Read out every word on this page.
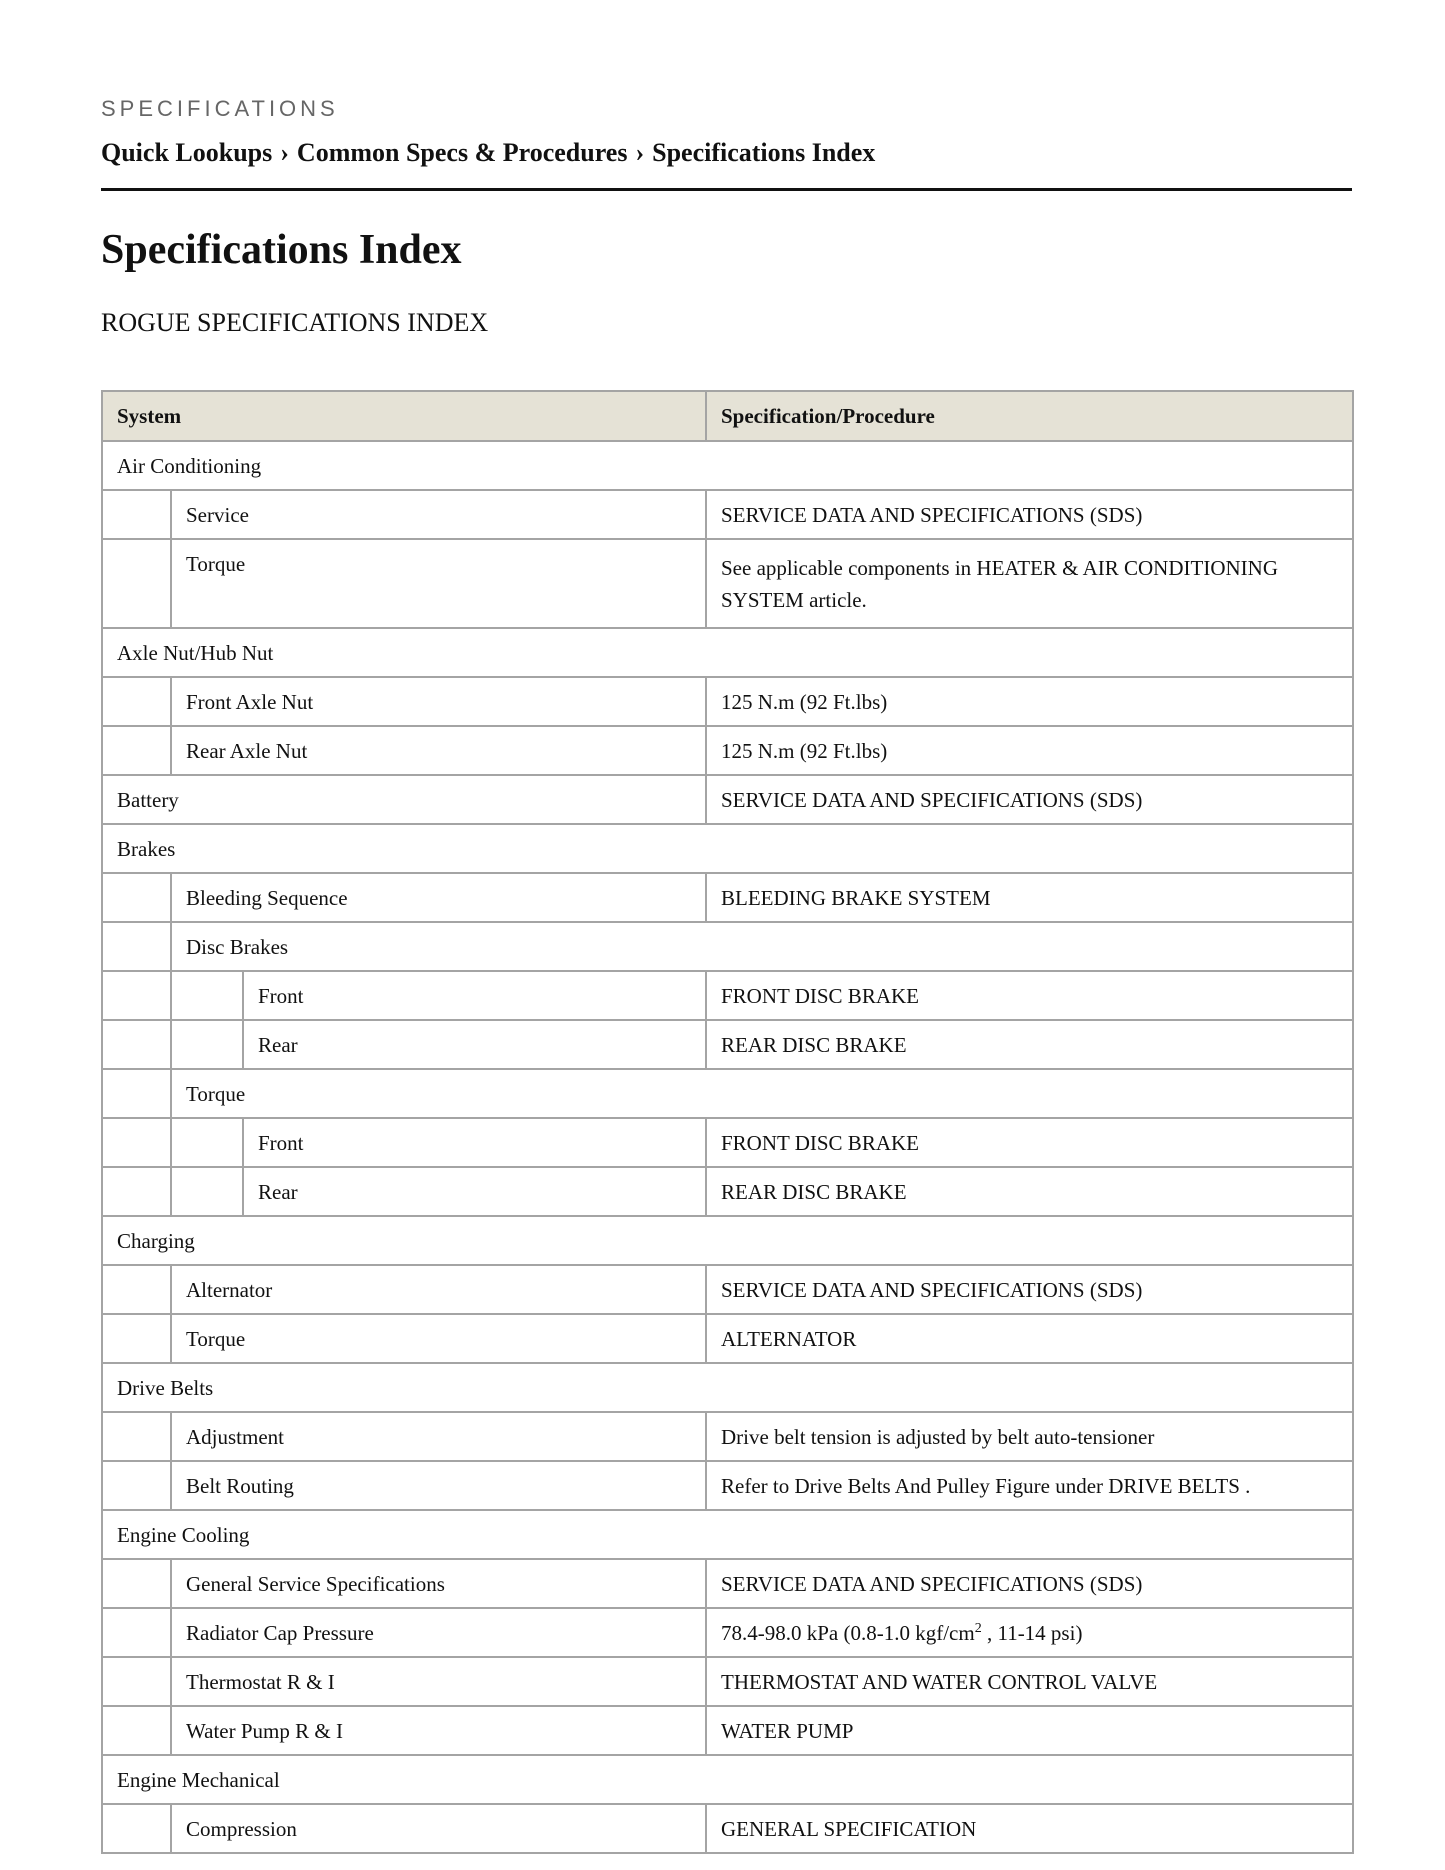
SPECIFICATIONS
Quick Lookups › Common Specs & Procedures › Specifications Index
Specifications Index
ROGUE SPECIFICATIONS INDEX
System			Specification/Procedure
Air Conditioning			
	Service		SERVICE DATA AND SPECIFICATIONS (SDS)
	Torque		See applicable components in HEATER & AIR CONDITIONING SYSTEM article.
Axle Nut/Hub Nut			
	Front Axle Nut		125 N.m (92 Ft.lbs)
	Rear Axle Nut		125 N.m (92 Ft.lbs)
Battery			SERVICE DATA AND SPECIFICATIONS (SDS)
Brakes			
	Bleeding Sequence		BLEEDING BRAKE SYSTEM
	Disc Brakes		
		Front	FRONT DISC BRAKE
		Rear	REAR DISC BRAKE
	Torque		
		Front	FRONT DISC BRAKE
		Rear	REAR DISC BRAKE
Charging			
	Alternator		SERVICE DATA AND SPECIFICATIONS (SDS)
	Torque		ALTERNATOR
Drive Belts			
	Adjustment		Drive belt tension is adjusted by belt auto-tensioner
	Belt Routing		Refer to Drive Belts And Pulley Figure under DRIVE BELTS .
Engine Cooling			
	General Service Specifications		SERVICE DATA AND SPECIFICATIONS (SDS)
	Radiator Cap Pressure		78.4-98.0 kPa (0.8-1.0 kgf/$cm^2$ , 11-14 psi)
	Thermostat R & I		THERMOSTAT AND WATER CONTROL VALVE
	Water Pump R & I		WATER PUMP
Engine Mechanical			
	Compression		GENERAL SPECIFICATION
